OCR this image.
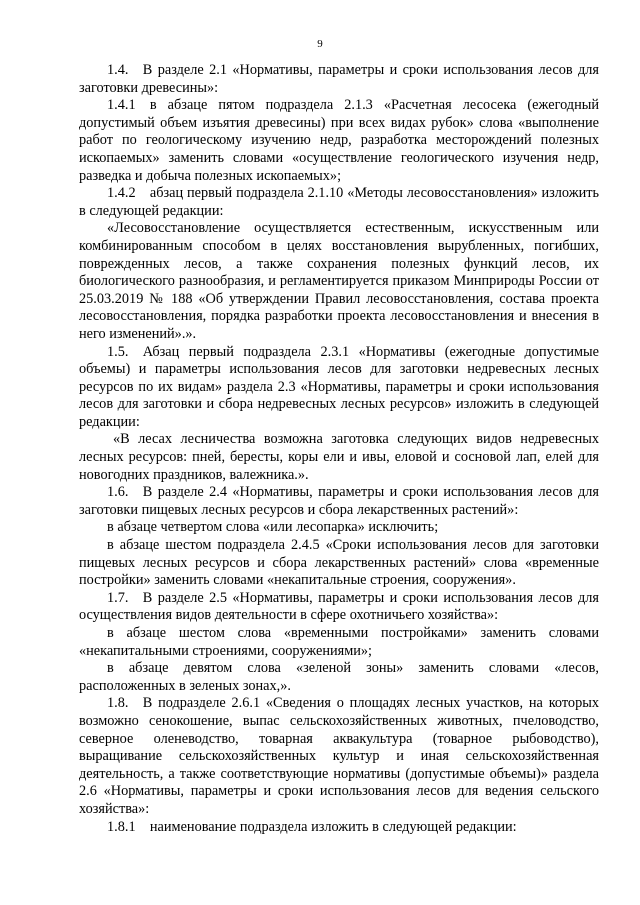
9

1.4. В разделе 2.1 «Нормативы, параметры и сроки использования лесов для заготовки древесины»:

1.4.1 в абзаце пятом подраздела 2.1.3 «Расчетная лесосека (ежегодный допустимый объем изъятия древесины) при всех видах рубок» слова «выполнение работ по геологическому изучению недр, разработка месторождений полезных ископаемых» заменить словами «осуществление геологического изучения недр, разведка и добыча полезных ископаемых»;

1.4.2 абзац первый подраздела 2.1.10 «Методы лесовосстановления» изложить в следующей редакции:

«Лесовосстановление осуществляется естественным, искусственным или комбинированным способом в целях восстановления вырубленных, погибших, поврежденных лесов, а также сохранения полезных функций лесов, их биологического разнообразия, и регламентируется приказом Минприроды России от 25.03.2019 № 188 «Об утверждении Правил лесовосстановления, состава проекта лесовосстановления, порядка разработки проекта лесовосстановления и внесения в него изменений».».

1.5. Абзац первый подраздела 2.3.1 «Нормативы (ежегодные допустимые объемы) и параметры использования лесов для заготовки недревесных лесных ресурсов по их видам» раздела 2.3 «Нормативы, параметры и сроки использования лесов для заготовки и сбора недревесных лесных ресурсов» изложить в следующей редакции:

«В лесах лесничества возможна заготовка следующих видов недревесных лесных ресурсов: пней, бересты, коры ели и ивы, еловой и сосновой лап, елей для новогодних праздников, валежника.».

1.6. В разделе 2.4 «Нормативы, параметры и сроки использования лесов для заготовки пищевых лесных ресурсов и сбора лекарственных растений»:

в абзаце четвертом слова «или лесопарка» исключить;

в абзаце шестом подраздела 2.4.5 «Сроки использования лесов для заготовки пищевых лесных ресурсов и сбора лекарственных растений» слова «временные постройки» заменить словами «некапитальные строения, сооружения».

1.7. В разделе 2.5 «Нормативы, параметры и сроки использования лесов для осуществления видов деятельности в сфере охотничьего хозяйства»:

в абзаце шестом слова «временными постройками» заменить словами «некапитальными строениями, сооружениями»;

в абзаце девятом слова «зеленой зоны» заменить словами «лесов, расположенных в зеленых зонах,».

1.8. В подразделе 2.6.1 «Сведения о площадях лесных участков, на которых возможно сенокошение, выпас сельскохозяйственных животных, пчеловодство, северное оленеводство, товарная аквакультура (товарное рыбоводство), выращивание сельскохозяйственных культур и иная сельскохозяйственная деятельность, а также соответствующие нормативы (допустимые объемы)» раздела 2.6 «Нормативы, параметры и сроки использования лесов для ведения сельского хозяйства»:

1.8.1 наименование подраздела изложить в следующей редакции:
